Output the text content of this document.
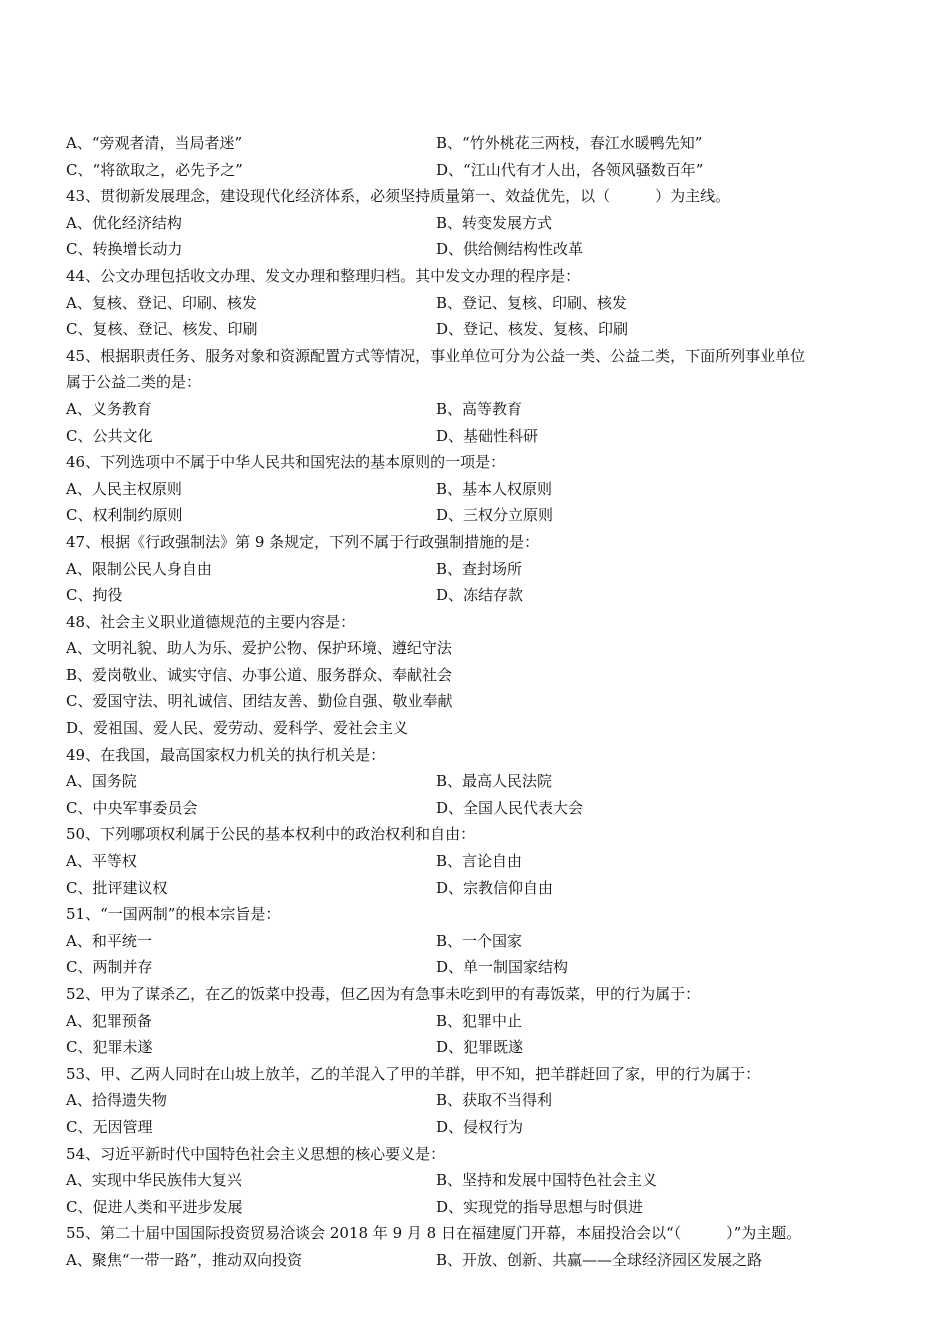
A、“旁观者清，当局者迷”	B、“竹外桃花三两枝，春江水暖鸭先知”
C、“将欲取之，必先予之”	D、“江山代有才人出，各领风骚数百年”
43、贯彻新发展理念，建设现代化经济体系，必须坚持质量第一、效益优先，以（　　　）为主线。
A、优化经济结构	B、转变发展方式
C、转换增长动力	D、供给侧结构性改革
44、公文办理包括收文办理、发文办理和整理归档。其中发文办理的程序是：
A、复核、登记、印刷、核发	B、登记、复核、印刷、核发
C、复核、登记、核发、印刷	D、登记、核发、复核、印刷
45、根据职责任务、服务对象和资源配置方式等情况，事业单位可分为公益一类、公益二类，下面所列事业单位
属于公益二类的是：
A、义务教育	B、高等教育
C、公共文化	D、基础性科研
46、下列选项中不属于中华人民共和国宪法的基本原则的一项是：
A、人民主权原则	B、基本人权原则
C、权利制约原则	D、三权分立原则
47、根据《行政强制法》第 9 条规定，下列不属于行政强制措施的是：
A、限制公民人身自由	B、查封场所
C、拘役	D、冻结存款
48、社会主义职业道德规范的主要内容是：
A、文明礼貌、助人为乐、爱护公物、保护环境、遵纪守法
B、爱岗敬业、诚实守信、办事公道、服务群众、奉献社会
C、爱国守法、明礼诚信、团结友善、勤俭自强、敬业奉献
D、爱祖国、爱人民、爱劳动、爱科学、爱社会主义
49、在我国，最高国家权力机关的执行机关是：
A、国务院	B、最高人民法院
C、中央军事委员会	D、全国人民代表大会
50、下列哪项权利属于公民的基本权利中的政治权利和自由：
A、平等权	B、言论自由
C、批评建议权	D、宗教信仰自由
51、“一国两制”的根本宗旨是：
A、和平统一	B、一个国家
C、两制并存	D、单一制国家结构
52、甲为了谋杀乙，在乙的饭菜中投毒，但乙因为有急事未吃到甲的有毒饭菜，甲的行为属于：
A、犯罪预备	B、犯罪中止
C、犯罪未遂	D、犯罪既遂
53、甲、乙两人同时在山坡上放羊，乙的羊混入了甲的羊群，甲不知，把羊群赶回了家，甲的行为属于：
A、拾得遗失物	B、获取不当得利
C、无因管理	D、侵权行为
54、习近平新时代中国特色社会主义思想的核心要义是：
A、实现中华民族伟大复兴	B、坚持和发展中国特色社会主义
C、促进人类和平进步发展	D、实现党的指导思想与时俱进
55、第二十届中国国际投资贸易洽谈会 2018 年 9 月 8 日在福建厦门开幕，本届投洽会以“（　　　）”为主题。
A、聚焦“一带一路”，推动双向投资	B、开放、创新、共赢——全球经济园区发展之路
